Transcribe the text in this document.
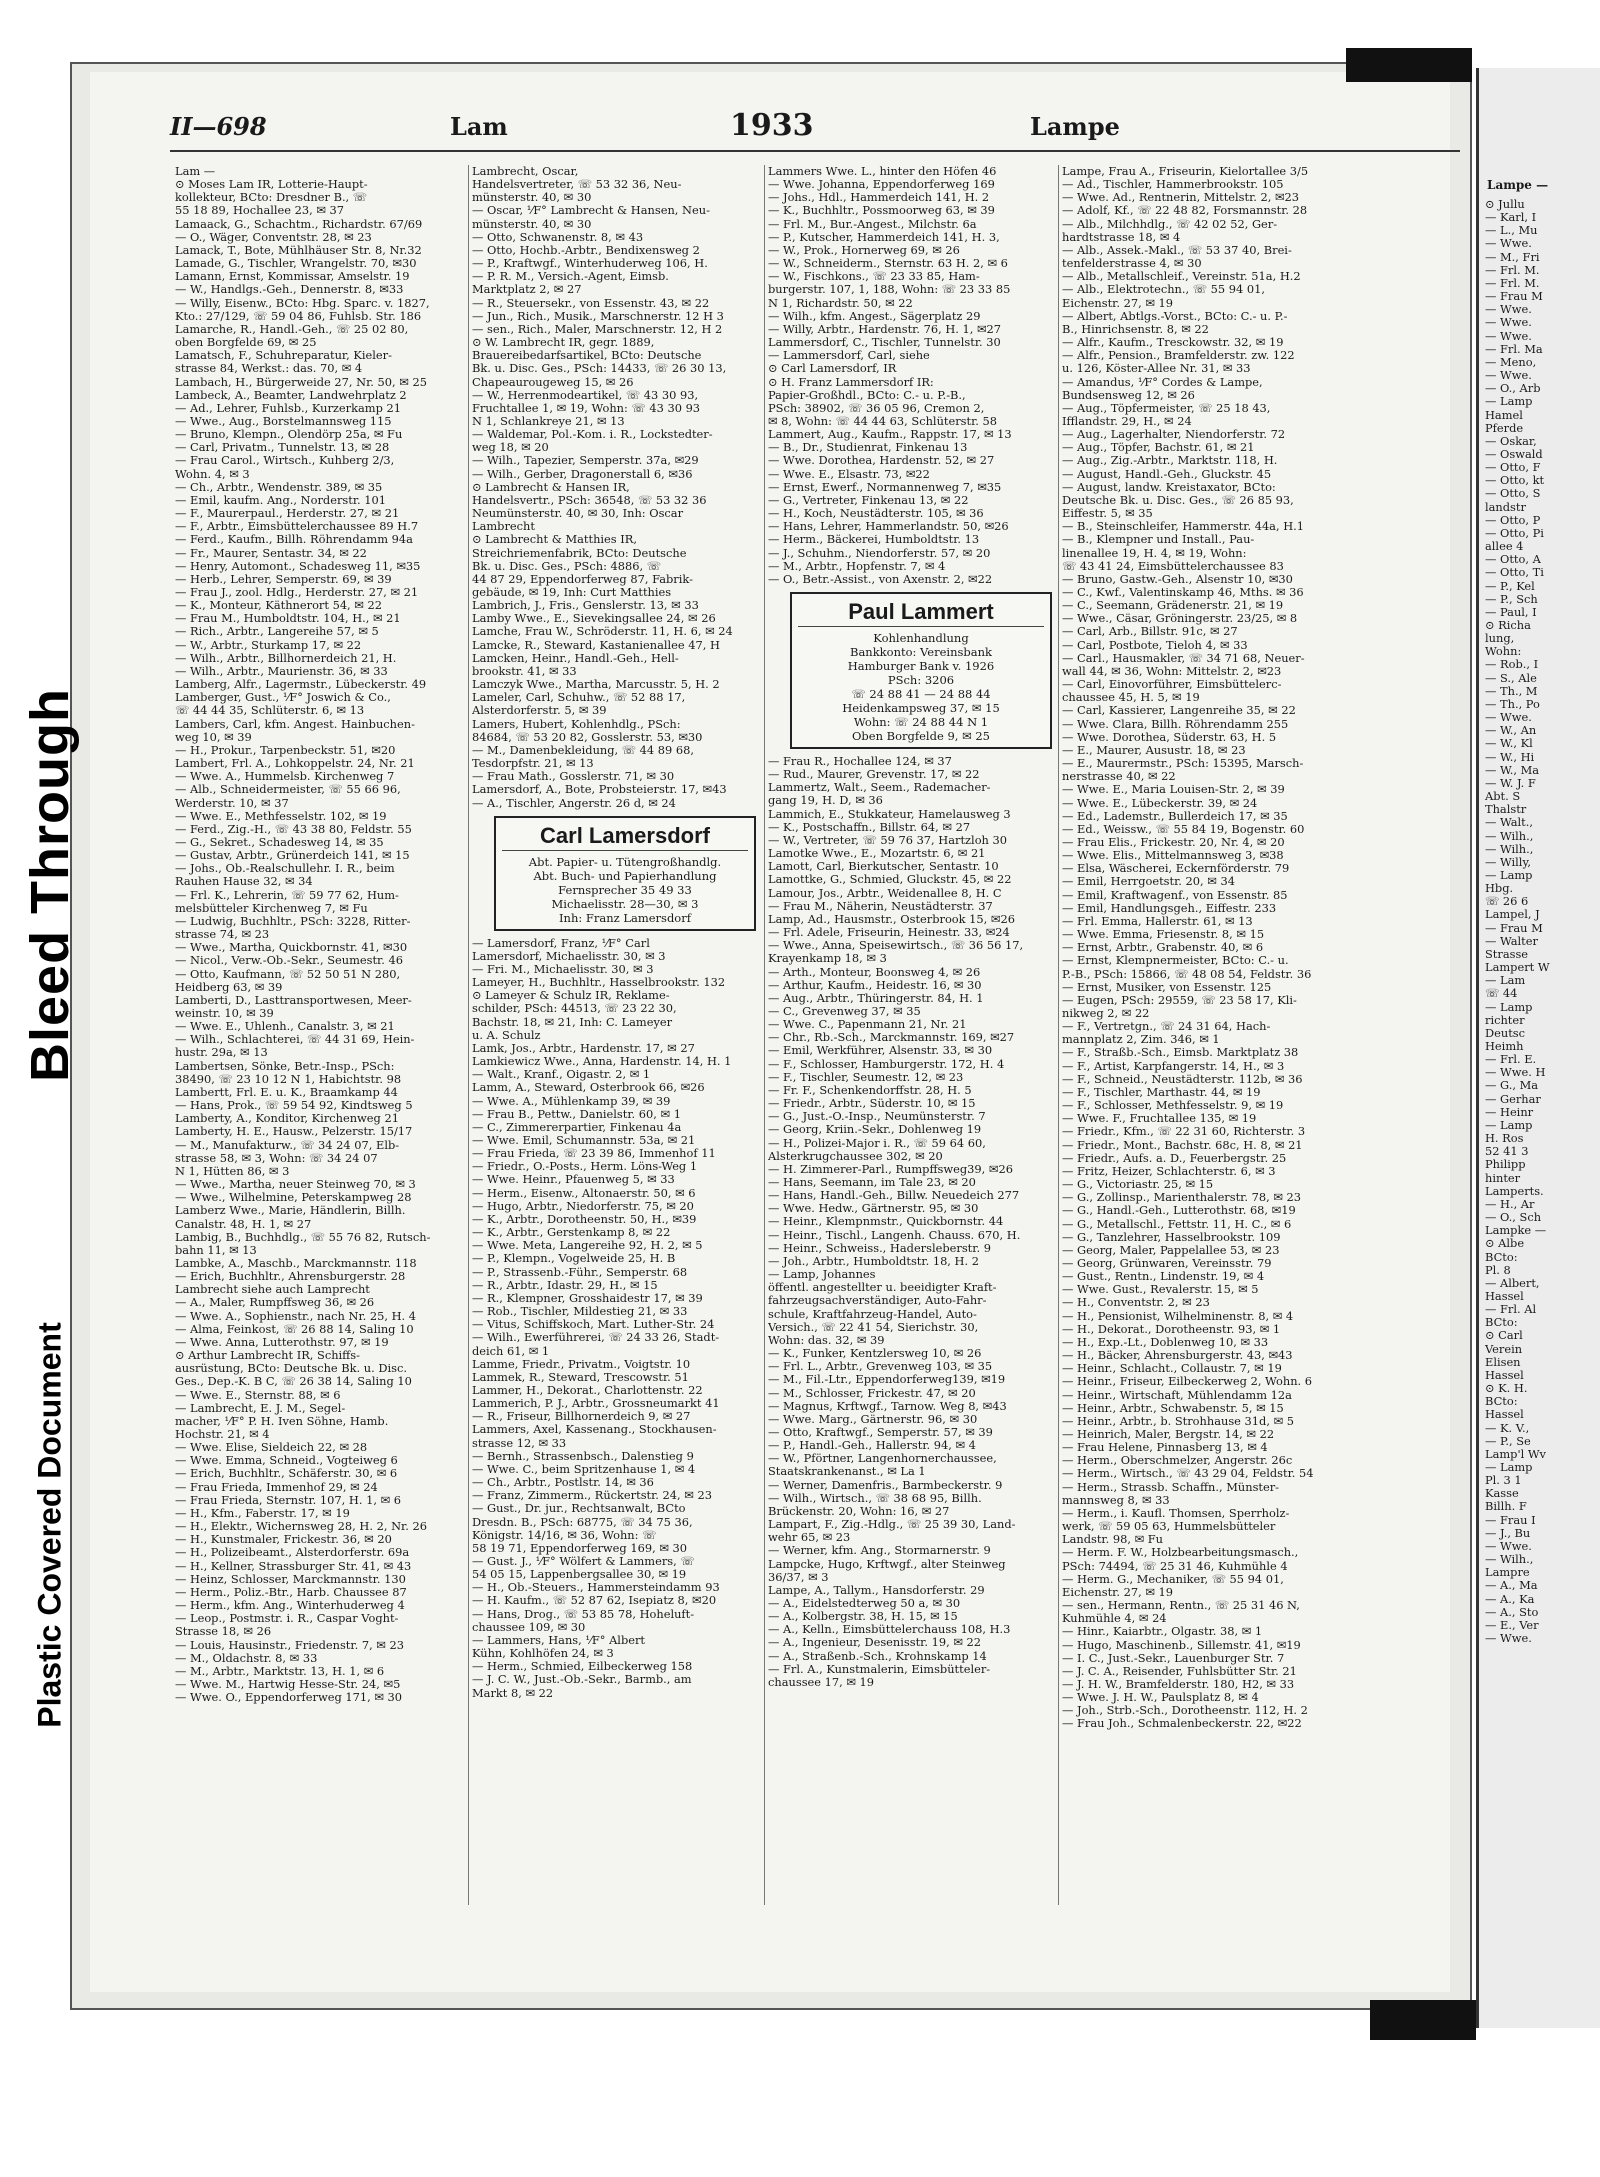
Bleed Through
Plastic Covered Document
II—698	Lam	1933	Lampe

Lam —

⊙ Moses Lam IR, Lotterie-Haupt-

kollekteur, BCto: Dresdner B., ☏

55 18 89, Hochallee 23, ✉ 37

Lamaack, G., Schachtm., Richardstr. 67/69

— O., Wäger, Conventstr. 28, ✉ 23

Lamack, T., Bote, Mühlhäuser Str. 8, Nr.32

Lamade, G., Tischler, Wrangelstr. 70, ✉30

Lamann, Ernst, Kommissar, Amselstr. 19

— W., Handlgs.-Geh., Dennerstr. 8, ✉33

— Willy, Eisenw., BCto: Hbg. Sparc. v. 1827,

Kto.: 27/129, ☏ 59 04 86, Fuhlsb. Str. 186

Lamarche, R., Handl.-Geh., ☏ 25 02 80,

oben Borgfelde 69, ✉ 25

Lamatsch, F., Schuhreparatur, Kieler-

strasse 84, Werkst.: das. 70, ✉ 4

Lambach, H., Bürgerweide 27, Nr. 50, ✉ 25

Lambeck, A., Beamter, Landwehrplatz 2

— Ad., Lehrer, Fuhlsb., Kurzerkamp 21

— Wwe., Aug., Borstelmannsweg 115

— Bruno, Klempn., Olendörp 25a, ✉ Fu

— Carl, Privatm., Tunnelstr. 13, ✉ 28

— Frau Carol., Wirtsch., Kuhberg 2/3,

Wohn. 4, ✉ 3

— Ch., Arbtr., Wendenstr. 389, ✉ 35

— Emil, kaufm. Ang., Norderstr. 101

— F., Maurerpaul., Herderstr. 27, ✉ 21

— F., Arbtr., Eimsbüttelerchaussee 89 H.7

— Ferd., Kaufm., Billh. Röhrendamm 94a

— Fr., Maurer, Sentastr. 34, ✉ 22

— Henry, Automont., Schadesweg 11, ✉35

— Herb., Lehrer, Semperstr. 69, ✉ 39

— Frau J., zool. Hdlg., Herderstr. 27, ✉ 21

— K., Monteur, Käthnerort 54, ✉ 22

— Frau M., Humboldtstr. 104, H., ✉ 21

— Rich., Arbtr., Langereihe 57, ✉ 5

— W., Arbtr., Sturkamp 17, ✉ 22

— Wilh., Arbtr., Billhornerdeich 21, H.

— Wilh., Arbtr., Maurienstr. 36, ✉ 33

Lamberg, Alfr., Lagermstr., Lübeckerstr. 49

Lamberger, Gust., ⅟F° Joswich & Co.,

☏ 44 44 35, Schlüterstr. 6, ✉ 13

Lambers, Carl, kfm. Angest. Hainbuchen-

weg 10, ✉ 39

— H., Prokur., Tarpenbeckstr. 51, ✉20

Lambert, Frl. A., Lohkoppelstr. 24, Nr. 21

— Wwe. A., Hummelsb. Kirchenweg 7

— Alb., Schneidermeister, ☏ 55 66 96,

Werderstr. 10, ✉ 37

— Wwe. E., Methfesselstr. 102, ✉ 19

— Ferd., Zig.-H., ☏ 43 38 80, Feldstr. 55

— G., Sekret., Schadesweg 14, ✉ 35

— Gustav, Arbtr., Grünerdeich 141, ✉ 15

— Johs., Ob.-Realschullehr. I. R., beim

Rauhen Hause 32, ✉ 34

— Frl. K., Lehrerin, ☏ 59 77 62, Hum-

melsbütteler Kirchenweg 7, ✉ Fu

— Ludwig, Buchhltr., PSch: 3228, Ritter-

strasse 74, ✉ 23

— Wwe., Martha, Quickbornstr. 41, ✉30

— Nicol., Verw.-Ob.-Sekr., Seumestr. 46

— Otto, Kaufmann, ☏ 52 50 51 N 280,

Heidberg 63, ✉ 39

Lamberti, D., Lasttransportwesen, Meer-

weinstr. 10, ✉ 39

— Wwe. E., Uhlenh., Canalstr. 3, ✉ 21

— Wilh., Schlachterei, ☏ 44 31 69, Hein-

hustr. 29a, ✉ 13

Lambertsen, Sönke, Betr.-Insp., PSch:

38490, ☏ 23 10 12 N 1, Habichtstr. 98

Lambertt, Frl. E. u. K., Braamkamp 44

— Hans, Prok., ☏ 59 54 92, Kindtsweg 5

Lamberty, A., Konditor, Kirchenweg 21

Lamberty, H. E., Hausw., Pelzerstr. 15/17

— M., Manufakturw., ☏ 34 24 07, Elb-

strasse 58, ✉ 3, Wohn: ☏ 34 24 07

N 1, Hütten 86, ✉ 3

— Wwe., Martha, neuer Steinweg 70, ✉ 3

— Wwe., Wilhelmine, Peterskampweg 28

Lamberz Wwe., Marie, Händlerin, Billh.

Canalstr. 48, H. 1, ✉ 27

Lambig, B., Buchhdlg., ☏ 55 76 82, Rutsch-

bahn 11, ✉ 13

Lambke, A., Maschb., Marckmannstr. 118

— Erich, Buchhltr., Ahrensburgerstr. 28

Lambrecht siehe auch Lamprecht

— A., Maler, Rumpffsweg 36, ✉ 26

— Wwe. A., Sophienstr., nach Nr. 25, H. 4

— Alma, Feinkost, ☏ 26 88 14, Saling 10

— Wwe. Anna, Lutterothstr. 97, ✉ 19

⊙ Arthur Lambrecht IR, Schiffs-

ausrüstung, BCto: Deutsche Bk. u. Disc.

Ges., Dep.-K. B C, ☏ 26 38 14, Saling 10

— Wwe. E., Sternstr. 88, ✉ 6

— Lambrecht, E. J. M., Segel-

macher, ⅟F° P. H. Iven Söhne, Hamb.

Hochstr. 21, ✉ 4

— Wwe. Elise, Sieldeich 22, ✉ 28

— Wwe. Emma, Schneid., Vogteiweg 6

— Erich, Buchhltr., Schäferstr. 30, ✉ 6

— Frau Frieda, Immenhof 29, ✉ 24

— Frau Frieda, Sternstr. 107, H. 1, ✉ 6

— H., Kfm., Faberstr. 17, ✉ 19

— H., Elektr., Wichernsweg 28, H. 2, Nr. 26

— H., Kunstmaler, Frickestr. 36, ✉ 20

— H., Polizeibeamt., Alsterdorferstr. 69a

— H., Kellner, Strassburger Str. 41, ✉ 43

— Heinz, Schlosser, Marckmannstr. 130

— Herm., Poliz.-Btr., Harb. Chaussee 87

— Herm., kfm. Ang., Winterhuderweg 4

— Leop., Postmstr. i. R., Caspar Voght-

Strasse 18, ✉ 26

— Louis, Hausinstr., Friedenstr. 7, ✉ 23

— M., Oldachstr. 8, ✉ 33

— M., Arbtr., Marktstr. 13, H. 1, ✉ 6

— Wwe. M., Hartwig Hesse-Str. 24, ✉5

— Wwe. O., Eppendorferweg 171, ✉ 30

Lambrecht, Oscar,

Handelsvertreter, ☏ 53 32 36, Neu-

münsterstr. 40, ✉ 30

— Oscar, ⅟F° Lambrecht & Hansen, Neu-

münsterstr. 40, ✉ 30

— Otto, Schwanenstr. 8, ✉ 43

— Otto, Hochb.-Arbtr., Bendixensweg 2

— P., Kraftwgf., Winterhuderweg 106, H.

— P. R. M., Versich.-Agent, Eimsb.

Marktplatz 2, ✉ 27

— R., Steuersekr., von Essenstr. 43, ✉ 22

— Jun., Rich., Musik., Marschnerstr. 12 H 3

— sen., Rich., Maler, Marschnerstr. 12, H 2

⊙ W. Lambrecht IR, gegr. 1889,

Brauereibedarfsartikel, BCto: Deutsche

Bk. u. Disc. Ges., PSch: 14433, ☏ 26 30 13,

Chapeaurougeweg 15, ✉ 26

— W., Herrenmodeartikel, ☏ 43 30 93,

Fruchtallee 1, ✉ 19, Wohn: ☏ 43 30 93

N 1, Schlankreye 21, ✉ 13

— Waldemar, Pol.-Kom. i. R., Lockstedter-

weg 18, ✉ 20

— Wilh., Tapezier, Semperstr. 37a, ✉29

— Wilh., Gerber, Dragonerstall 6, ✉36

⊙ Lambrecht & Hansen IR,

Handelsvertr., PSch: 36548, ☏ 53 32 36

Neumünsterstr. 40, ✉ 30, Inh: Oscar

Lambrecht

⊙ Lambrecht & Matthies IR,

Streichriemenfabrik, BCto: Deutsche

Bk. u. Disc. Ges., PSch: 4886, ☏

44 87 29, Eppendorferweg 87, Fabrik-

gebäude, ✉ 19, Inh: Curt Matthies

Lambrich, J., Fris., Genslerstr. 13, ✉ 33

Lamby Wwe., E., Sievekingsallee 24, ✉ 26

Lamche, Frau W., Schröderstr. 11, H. 6, ✉ 24

Lamcke, R., Steward, Kastanienallee 47, H

Lamcken, Heinr., Handl.-Geh., Hell-

brookstr. 41, ✉ 33

Lamczyk Wwe., Martha, Marcusstr. 5, H. 2

Lameler, Carl, Schuhw., ☏ 52 88 17,

Alsterdorferstr. 5, ✉ 39

Lamers, Hubert, Kohlenhdlg., PSch:

84684, ☏ 53 20 82, Gosslerstr. 53, ✉30

— M., Damenbekleidung, ☏ 44 89 68,

Tesdorpfstr. 21, ✉ 13

— Frau Math., Gosslerstr. 71, ✉ 30

Lamersdorf, A., Bote, Probsteierstr. 17, ✉43

— A., Tischler, Angerstr. 26 d, ✉ 24

Carl Lamersdorf
Abt. Papier- u. Tütengroßhandlg.
Abt. Buch- und Papierhandlung
Fernsprecher 35 49 33
Michaelisstr. 28—30, ✉ 3
Inh: Franz Lamersdorf

— Lamersdorf, Franz, ⅟F° Carl

Lamersdorf, Michaelisstr. 30, ✉ 3

— Fri. M., Michaelisstr. 30, ✉ 3

Lameyer, H., Buchhltr., Hasselbrookstr. 132

⊙ Lameyer & Schulz IR, Reklame-

schilder, PSch: 44513, ☏ 23 22 30,

Bachstr. 18, ✉ 21, Inh: C. Lameyer

u. A. Schulz

Lamk, Jos., Arbtr., Hardenstr. 17, ✉ 27

Lamkiewicz Wwe., Anna, Hardenstr. 14, H. 1

— Walt., Kranf., Oigastr. 2, ✉ 1

Lamm, A., Steward, Osterbrook 66, ✉26

— Wwe. A., Mühlenkamp 39, ✉ 39

— Frau B., Pettw., Danielstr. 60, ✉ 1

— C., Zimmererpartier, Finkenau 4a

— Wwe. Emil, Schumannstr. 53a, ✉ 21

— Frau Frieda, ☏ 23 39 86, Immenhof 11

— Friedr., O.-Posts., Herm. Löns-Weg 1

— Wwe. Heinr., Pfauenweg 5, ✉ 33

— Herm., Eisenw., Altonaerstr. 50, ✉ 6

— Hugo, Arbtr., Niedorferstr. 75, ✉ 20

— K., Arbtr., Dorotheenstr. 50, H., ✉39

— K., Arbtr., Gerstenkamp 8, ✉ 22

— Wwe. Meta, Langereihe 92, H. 2, ✉ 5

— P., Klempn., Vogelweide 25, H. B

— P., Strassenb.-Führ., Semperstr. 68

— R., Arbtr., Idastr. 29, H., ✉ 15

— R., Klempner, Grosshaidestr 17, ✉ 39

— Rob., Tischler, Mildestieg 21, ✉ 33

— Vitus, Schiffskoch, Mart. Luther-Str. 24

— Wilh., Ewerführerei, ☏ 24 33 26, Stadt-

deich 61, ✉ 1

Lamme, Friedr., Privatm., Voigtstr. 10

Lammek, R., Steward, Trescowstr. 51

Lammer, H., Dekorat., Charlottenstr. 22

Lammerich, P. J., Arbtr., Grossneumarkt 41

— R., Friseur, Billhornerdeich 9, ✉ 27

Lammers, Axel, Kassenang., Stockhausen-

strasse 12, ✉ 33

— Bernh., Strassenbsch., Dalenstieg 9

— Wwe. C., beim Spritzenhause 1, ✉ 4

— Ch., Arbtr., Postlstr. 14, ✉ 36

— Franz, Zimmerm., Rückertstr. 24, ✉ 23

— Gust., Dr. jur., Rechtsanwalt, BCto

Dresdn. B., PSch: 68775, ☏ 34 75 36,

Königstr. 14/16, ✉ 36, Wohn: ☏

58 19 71, Eppendorferweg 169, ✉ 30

— Gust. J., ⅟F° Wölfert & Lammers, ☏

54 05 15, Lappenbergsallee 30, ✉ 19

— H., Ob.-Steuers., Hammersteindamm 93

— H. Kaufm., ☏ 52 87 62, Isepiatz 8, ✉20

— Hans, Drog., ☏ 53 85 78, Hoheluft-

chaussee 109, ✉ 30

— Lammers, Hans, ⅟F° Albert

Kühn, Kohlhöfen 24, ✉ 3

— Herm., Schmied, Eilbeckerweg 158

— J. C. W., Just.-Ob.-Sekr., Barmb., am

Markt 8, ✉ 22

Lammers Wwe. L., hinter den Höfen 46

— Wwe. Johanna, Eppendorferweg 169

— Johs., Hdl., Hammerdeich 141, H. 2

— K., Buchhltr., Possmoorweg 63, ✉ 39

— Frl. M., Bur.-Angest., Milchstr. 6a

— P., Kutscher, Hammerdeich 141, H. 3,

— W., Prok., Hornerweg 69, ✉ 26

— W., Schneiderm., Sternstr. 63 H. 2, ✉ 6

— W., Fischkons., ☏ 23 33 85, Ham-

burgerstr. 107, 1, 188, Wohn: ☏ 23 33 85

N 1, Richardstr. 50, ✉ 22

— Wilh., kfm. Angest., Sägerplatz 29

— Willy, Arbtr., Hardenstr. 76, H. 1, ✉27

Lammersdorf, C., Tischler, Tunnelstr. 30

— Lammersdorf, Carl, siehe

⊙ Carl Lamersdorf, IR

⊙ H. Franz Lammersdorf IR:

Papier-Großhdl., BCto: C.- u. P.-B.,

PSch: 38902, ☏ 36 05 96, Cremon 2,

✉ 8, Wohn: ☏ 44 44 63, Schlüterstr. 58

Lammert, Aug., Kaufm., Rappstr. 17, ✉ 13

— B., Dr., Studienrat, Finkenau 13

— Wwe. Dorothea, Hardenstr. 52, ✉ 27

— Wwe. E., Elsastr. 73, ✉22

— Ernst, Ewerf., Normannenweg 7, ✉35

— G., Vertreter, Finkenau 13, ✉ 22

— H., Koch, Neustädterstr. 105, ✉ 36

— Hans, Lehrer, Hammerlandstr. 50, ✉26

— Herm., Bäckerei, Humboldtstr. 13

— J., Schuhm., Niendorferstr. 57, ✉ 20

— M., Arbtr., Hopfenstr. 7, ✉ 4

— O., Betr.-Assist., von Axenstr. 2, ✉22

Paul Lammert
Kohlenhandlung
Bankkonto: Vereinsbank
Hamburger Bank v. 1926
PSch: 3206
☏ 24 88 41 — 24 88 44
Heidenkampsweg 37, ✉ 15
Wohn: ☏ 24 88 44 N 1
Oben Borgfelde 9, ✉ 25

— Frau R., Hochallee 124, ✉ 37

— Rud., Maurer, Grevenstr. 17, ✉ 22

Lammertz, Walt., Seem., Rademacher-

gang 19, H. D, ✉ 36

Lammich, E., Stukkateur, Hamelausweg 3

— K., Postschaffn., Billstr. 64, ✉ 27

— W., Vertreter, ☏ 59 76 37, Hartzloh 30

Lamotke Wwe., E., Mozartstr. 6, ✉ 21

Lamott, Carl, Bierkutscher, Sentastr. 10

Lamottke, G., Schmied, Gluckstr. 45, ✉ 22

Lamour, Jos., Arbtr., Weidenallee 8, H. C

— Frau M., Näherin, Neustädterstr. 37

Lamp, Ad., Hausmstr., Osterbrook 15, ✉26

— Frl. Adele, Friseurin, Heinestr. 33, ✉24

— Wwe., Anna, Speisewirtsch., ☏ 36 56 17,

Krayenkamp 18, ✉ 3

— Arth., Monteur, Boonsweg 4, ✉ 26

— Arthur, Kaufm., Heidestr. 16, ✉ 30

— Aug., Arbtr., Thüringerstr. 84, H. 1

— C., Grevenweg 37, ✉ 35

— Wwe. C., Papenmann 21, Nr. 21

— Chr., Rb.-Sch., Marckmannstr. 169, ✉27

— Emil, Werkführer, Alsenstr. 33, ✉ 30

— F., Schlosser, Hamburgerstr. 172, H. 4

— F., Tischler, Seumestr. 12, ✉ 23

— Fr. F., Schenkendorffstr. 28, H. 5

— Friedr., Arbtr., Süderstr. 10, ✉ 15

— G., Just.-O.-Insp., Neumünsterstr. 7

— Georg, Kriin.-Sekr., Dohlenweg 19

— H., Polizei-Major i. R., ☏ 59 64 60,

Alsterkrugchaussee 302, ✉ 20

— H. Zimmerer-Parl., Rumpffsweg39, ✉26

— Hans, Seemann, im Tale 23, ✉ 20

— Hans, Handl.-Geh., Billw. Neuedeich 277

— Wwe. Hedw., Gärtnerstr. 95, ✉ 30

— Heinr., Klempnmstr., Quickbornstr. 44

— Heinr., Tischl., Langenh. Chauss. 670, H.

— Heinr., Schweiss., Hadersleberstr. 9

— Joh., Arbtr., Humboldtstr. 18, H. 2

— Lamp, Johannes

öffentl. angestellter u. beeidigter Kraft-

fahrzeugsachverständiger, Auto-Fahr-

schule, Kraftfahrzeug-Handel, Auto-

Versich., ☏ 22 41 54, Sierichstr. 30,

Wohn: das. 32, ✉ 39

— K., Funker, Kentzlersweg 10, ✉ 26

— Frl. L., Arbtr., Grevenweg 103, ✉ 35

— M., Fil.-Ltr., Eppendorferweg139, ✉19

— M., Schlosser, Frickestr. 47, ✉ 20

— Magnus, Krftwgf., Tarnow. Weg 8, ✉43

— Wwe. Marg., Gärtnerstr. 96, ✉ 30

— Otto, Kraftwgf., Semperstr. 57, ✉ 39

— P., Handl.-Geh., Hallerstr. 94, ✉ 4

— W., Pförtner, Langenhornerchaussee,

Staatskrankenanst., ✉ La 1

— Werner, Damenfris., Barmbeckerstr. 9

— Wilh., Wirtsch., ☏ 38 68 95, Billh.

Brückenstr. 20, Wohn: 16, ✉ 27

Lampart, F., Zig.-Hdlg., ☏ 25 39 30, Land-

wehr 65, ✉ 23

— Werner, kfm. Ang., Stormarnerstr. 9

Lampcke, Hugo, Krftwgf., alter Steinweg

36/37, ✉ 3

Lampe, A., Tallym., Hansdorferstr. 29

— A., Eidelstedterweg 50 a, ✉ 30

— A., Kolbergstr. 38, H. 15, ✉ 15

— A., Kelln., Eimsbüttelerchauss 108, H.3

— A., Ingenieur, Desenisstr. 19, ✉ 22

— A., Straßenb.-Sch., Krohnskamp 14

— Frl. A., Kunstmalerin, Eimsbütteler-

chaussee 17, ✉ 19

Lampe, Frau A., Friseurin, Kielortallee 3/5

— Ad., Tischler, Hammerbrookstr. 105

— Wwe. Ad., Rentnerin, Mittelstr. 2, ✉23

— Adolf, Kf., ☏ 22 48 82, Forsmannstr. 28

— Alb., Milchhdlg., ☏ 42 02 52, Ger-

hardtstrasse 18, ✉ 4

— Alb., Assek.-Makl., ☏ 53 37 40, Brei-

tenfelderstrasse 4, ✉ 30

— Alb., Metallschleif., Vereinstr. 51a, H.2

— Alb., Elektrotechn., ☏ 55 94 01,

Eichenstr. 27, ✉ 19

— Albert, Abtlgs.-Vorst., BCto: C.- u. P.-

B., Hinrichsenstr. 8, ✉ 22

— Alfr., Kaufm., Tresckowstr. 32, ✉ 19

— Alfr., Pension., Bramfelderstr. zw. 122

u. 126, Köster-Allee Nr. 31, ✉ 33

— Amandus, ⅟F° Cordes & Lampe,

Bundsensweg 12, ✉ 26

— Aug., Töpfermeister, ☏ 25 18 43,

Ifflandstr. 29, H., ✉ 24

— Aug., Lagerhalter, Niendorferstr. 72

— Aug., Töpfer, Bachstr. 61, ✉ 21

— Aug., Zig.-Arbtr., Marktstr. 118, H.

— August, Handl.-Geh., Gluckstr. 45

— August, landw. Kreistaxator, BCto:

Deutsche Bk. u. Disc. Ges., ☏ 26 85 93,

Eiffestr. 5, ✉ 35

— B., Steinschleifer, Hammerstr. 44a, H.1

— B., Klempner und Install., Pau-

linenallee 19, H. 4, ✉ 19, Wohn:

☏ 43 41 24, Eimsbüttelerchaussee 83

— Bruno, Gastw.-Geh., Alsenstr 10, ✉30

— C., Kwf., Valentinskamp 46, Mths. ✉ 36

— C., Seemann, Grädenerstr. 21, ✉ 19

— Wwe., Cäsar, Gröningerstr. 23/25, ✉ 8

— Carl, Arb., Billstr. 91c, ✉ 27

— Carl, Postbote, Tieloh 4, ✉ 33

— Carl., Hausmakler, ☏ 34 71 68, Neuer-

wall 44, ✉ 36, Wohn: Mittelstr. 2, ✉23

— Carl, Einovorführer, Eimsbüttelerc-

chaussee 45, H. 5, ✉ 19

— Carl, Kassierer, Langenreihe 35, ✉ 22

— Wwe. Clara, Billh. Röhrendamm 255

— Wwe. Dorothea, Süderstr. 63, H. 5

— E., Maurer, Ausustr. 18, ✉ 23

— E., Maurermstr., PSch: 15395, Marsch-

nerstrasse 40, ✉ 22

— Wwe. E., Maria Louisen-Str. 2, ✉ 39

— Wwe. E., Lübeckerstr. 39, ✉ 24

— Ed., Lademstr., Bullerdeich 17, ✉ 35

— Ed., Weissw., ☏ 55 84 19, Bogenstr. 60

— Frau Elis., Frickestr. 20, Nr. 4, ✉ 20

— Wwe. Elis., Mittelmannsweg 3, ✉38

— Elsa, Wäscherei, Eckernförderstr. 79

— Emil, Herrgoetstr. 20, ✉ 34

— Emil, Kraftwagenf., von Essenstr. 85

— Emil, Handlungsgeh., Eiffestr. 233

— Frl. Emma, Hallerstr. 61, ✉ 13

— Wwe. Emma, Friesenstr. 8, ✉ 15

— Ernst, Arbtr., Grabenstr. 40, ✉ 6

— Ernst, Klempnermeister, BCto: C.- u.

P.-B., PSch: 15866, ☏ 48 08 54, Feldstr. 36

— Ernst, Musiker, von Essenstr. 125

— Eugen, PSch: 29559, ☏ 23 58 17, Kli-

nikweg 2, ✉ 22

— F., Vertretgn., ☏ 24 31 64, Hach-

mannplatz 2, Zim. 346, ✉ 1

— F., Straßb.-Sch., Eimsb. Marktplatz 38

— F., Artist, Karpfangerstr. 14, H., ✉ 3

— F., Schneid., Neustädterstr. 112b, ✉ 36

— F., Tischler, Marthastr. 44, ✉ 19

— F., Schlosser, Methfesselstr. 9, ✉ 19

— Wwe. F., Fruchtallee 135, ✉ 19

— Friedr., Kfm., ☏ 22 31 60, Richterstr. 3

— Friedr., Mont., Bachstr. 68c, H. 8, ✉ 21

— Friedr., Aufs. a. D., Feuerbergstr. 25

— Fritz, Heizer, Schlachterstr. 6, ✉ 3

— G., Victoriastr. 25, ✉ 15

— G., Zollinsp., Marienthalerstr. 78, ✉ 23

— G., Handl.-Geh., Lutterothstr. 68, ✉19

— G., Metallschl., Fettstr. 11, H. C., ✉ 6

— G., Tanzlehrer, Hasselbrookstr. 109

— Georg, Maler, Pappelallee 53, ✉ 23

— Georg, Grünwaren, Vereinsstr. 79

— Gust., Rentn., Lindenstr. 19, ✉ 4

— Wwe. Gust., Revalerstr. 15, ✉ 5

— H., Conventstr. 2, ✉ 23

— H., Pensionist, Wilhelminenstr. 8, ✉ 4

— H., Dekorat., Dorotheenstr. 93, ✉ 1

— H., Exp.-Lt., Doblenweg 10, ✉ 33

— H., Bäcker, Ahrensburgerstr. 43, ✉43

— Heinr., Schlacht., Collaustr. 7, ✉ 19

— Heinr., Friseur, Eilbeckerweg 2, Wohn. 6

— Heinr., Wirtschaft, Mühlendamm 12a

— Heinr., Arbtr., Schwabenstr. 5, ✉ 15

— Heinr., Arbtr., b. Strohhause 31d, ✉ 5

— Heinrich, Maler, Bergstr. 14, ✉ 22

— Frau Helene, Pinnasberg 13, ✉ 4

— Herm., Oberschmelzer, Angerstr. 26c

— Herm., Wirtsch., ☏ 43 29 04, Feldstr. 54

— Herm., Strassb. Schaffn., Münster-

mannsweg 8, ✉ 33

— Herm., i. Kaufl. Thomsen, Sperrholz-

werk, ☏ 59 05 63, Hummelsbütteler

Landstr. 98, ✉ Fu

— Herm. F. W., Holzbearbeitungsmasch.,

PSch: 74494, ☏ 25 31 46, Kuhmühle 4

— Herm. G., Mechaniker, ☏ 55 94 01,

Eichenstr. 27, ✉ 19

— sen., Hermann, Rentn., ☏ 25 31 46 N,

Kuhmühle 4, ✉ 24

— Hinr., Kaiarbtr., Olgastr. 38, ✉ 1

— Hugo, Maschinenb., Sillemstr. 41, ✉19

— I. C., Just.-Sekr., Lauenburger Str. 7

— J. C. A., Reisender, Fuhlsbütter Str. 21

— J. H. W., Bramfelderstr. 180, H2, ✉ 33

— Wwe. J. H. W., Paulsplatz 8, ✉ 4

— Joh., Strb.-Sch., Dorotheenstr. 112, H. 2

— Frau Joh., Schmalenbeckerstr. 22, ✉22

Lampe —

⊙ Jullu

— Karl, I

— L., Mu

— Wwe.

— M., Fri

— Frl. M.

— Frl. M.

— Frau M

— Wwe.

— Wwe.

— Wwe.

— Frl. Ma

— Meno,

— Wwe.

— O., Arb

— Lamp

Hamel

Pferde

— Oskar,

— Oswald

— Otto, F

— Otto, kt

— Otto, S

landstr

— Otto, P

— Otto, Pi

allee 4

— Otto, A

— Otto, Ti

— P., Kel

— P., Sch

— Paul, I

⊙ Richa

lung,

Wohn:

— Rob., I

— S., Ale

— Th., M

— Th., Po

— Wwe.

— W., An

— W., Kl

— W., Hi

— W., Ma

— W. J. F

Abt. S

Thalstr

— Walt.,

— Wilh.,

— Wilh.,

— Willy,

— Lamp

Hbg.

☏ 26 6

Lampel, J

— Frau M

— Walter

Strasse

Lampert W

— Lam

☏ 44

— Lamp

richter

Deutsc

Heimh

— Frl. E.

— Wwe. H

— G., Ma

— Gerhar

— Heinr

— Lamp

H. Ros

52 41 3

Philipp

hinter

Lamperts.

— H., Ar

— O., Sch

Lampke —

⊙ Albe

BCto:

Pl. 8

— Albert,

Hassel

— Frl. Al

BCto:

⊙ Carl

Verein

Elisen

Hassel

⊙ K. H.

BCto:

Hassel

— K. V.,

— P., Se

Lamp'l Wv

— Lamp

Pl. 3 1

Kasse

Billh. F

— Frau I

— J., Bu

— Wwe.

— Wilh.,

Lampre

— A., Ma

— A., Ka

— A., Sto

— E., Ver

— Wwe.
